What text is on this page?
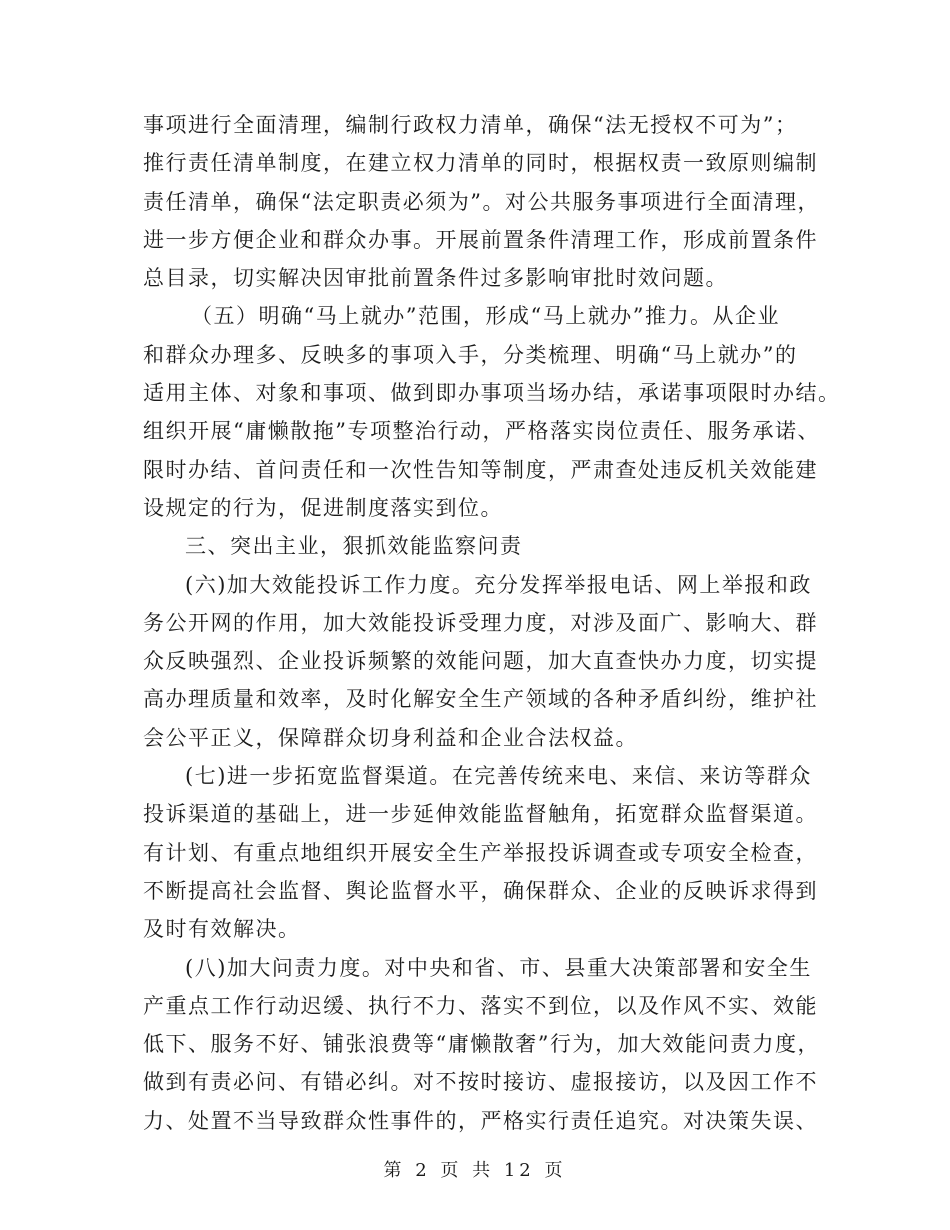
事项进行全面清理，编制行政权力清单，确保“法无授权不可为”；
推行责任清单制度，在建立权力清单的同时，根据权责一致原则编制
责任清单，确保“法定职责必须为”。对公共服务事项进行全面清理，
进一步方便企业和群众办事。开展前置条件清理工作，形成前置条件
总目录，切实解决因审批前置条件过多影响审批时效问题。
（五）明确“马上就办”范围，形成“马上就办”推力。从企业
和群众办理多、反映多的事项入手，分类梳理、明确“马上就办”的
适用主体、对象和事项、做到即办事项当场办结，承诺事项限时办结。
组织开展“庸懒散拖”专项整治行动，严格落实岗位责任、服务承诺、
限时办结、首问责任和一次性告知等制度，严肃查处违反机关效能建
设规定的行为，促进制度落实到位。
三、突出主业，狠抓效能监察问责
(六)加大效能投诉工作力度。充分发挥举报电话、网上举报和政
务公开网的作用，加大效能投诉受理力度，对涉及面广、影响大、群
众反映强烈、企业投诉频繁的效能问题，加大直查快办力度，切实提
高办理质量和效率，及时化解安全生产领域的各种矛盾纠纷，维护社
会公平正义，保障群众切身利益和企业合法权益。
(七)进一步拓宽监督渠道。在完善传统来电、来信、来访等群众
投诉渠道的基础上，进一步延伸效能监督触角，拓宽群众监督渠道。
有计划、有重点地组织开展安全生产举报投诉调查或专项安全检查，
不断提高社会监督、舆论监督水平，确保群众、企业的反映诉求得到
及时有效解决。
(八)加大问责力度。对中央和省、市、县重大决策部署和安全生
产重点工作行动迟缓、执行不力、落实不到位，以及作风不实、效能
低下、服务不好、铺张浪费等“庸懒散奢”行为，加大效能问责力度，
做到有责必问、有错必纠。对不按时接访、虚报接访，以及因工作不
力、处置不当导致群众性事件的，严格实行责任追究。对决策失误、
第 2 页 共 12 页
